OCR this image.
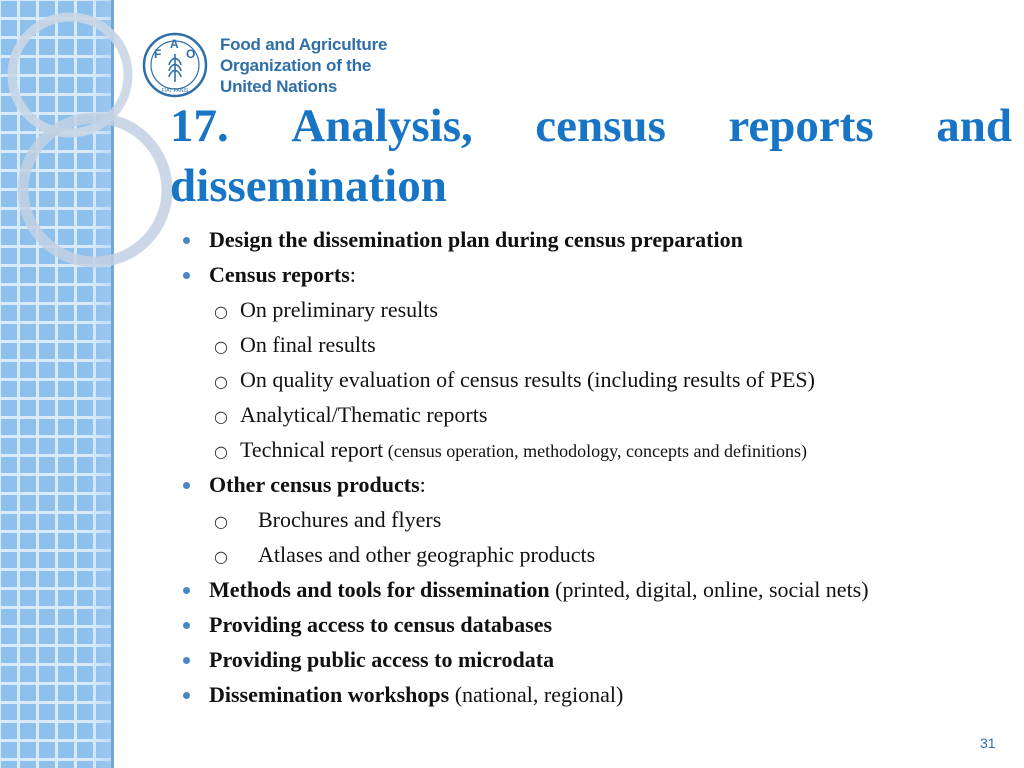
F
A
O
FIAT PANIS
Food and Agriculture
Organization of the
United Nations
17. Analysis, census reports and
dissemination
Design the dissemination plan during census preparation
Census reports:
○ On preliminary results
○ On final results
○ On quality evaluation of census results (including results of PES)
○ Analytical/Thematic reports
○ Technical report (census operation, methodology, concepts and definitions)
Other census products:
○ Brochures and flyers
○ Atlases and other geographic products
Methods and tools for dissemination (printed, digital, online, social nets)
Providing access to census databases
Providing public access to microdata
Dissemination workshops (national, regional)
31
